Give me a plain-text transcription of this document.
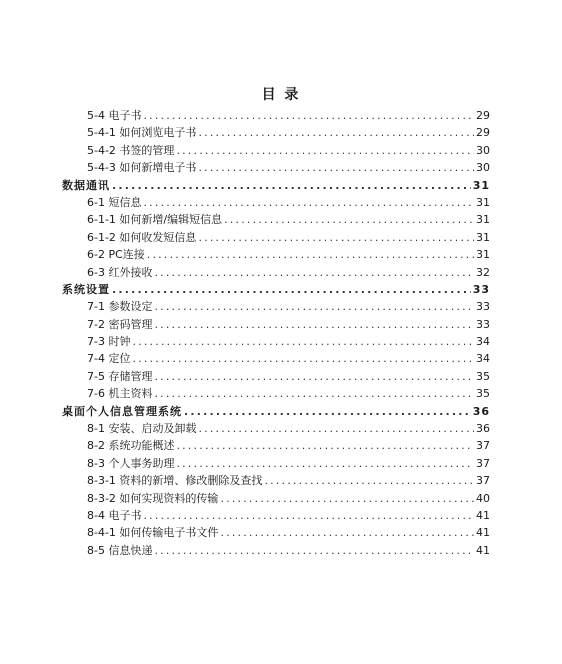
目 录
5-4 电子书 .....	29
5-4-1 如何浏览电子书 .....	29
5-4-2 书签的管理 .....	30
5-4-3 如何新增电子书 .....	30
数据通讯 .....	31
6-1 短信息 .....	31
6-1-1 如何新增/编辑短信息 .....	31
6-1-2 如何收发短信息 .....	31
6-2 PC连接 .....	31
6-3 红外接收 .....	32
系统设置 .....	33
7-1 参数设定 .....	33
7-2 密码管理 .....	33
7-3 时钟 .....	34
7-4 定位 .....	34
7-5 存储管理 .....	35
7-6 机主资料 .....	35
桌面个人信息管理系统 .....	36
8-1 安装、启动及卸载 .....	36
8-2 系统功能概述 .....	37
8-3 个人事务助理 .....	37
8-3-1 资料的新增、修改删除及查找 .....	37
8-3-2 如何实现资料的传输 .....	40
8-4 电子书 .....	41
8-4-1 如何传输电子书文件 .....	41
8-5 信息快递 .....	41
